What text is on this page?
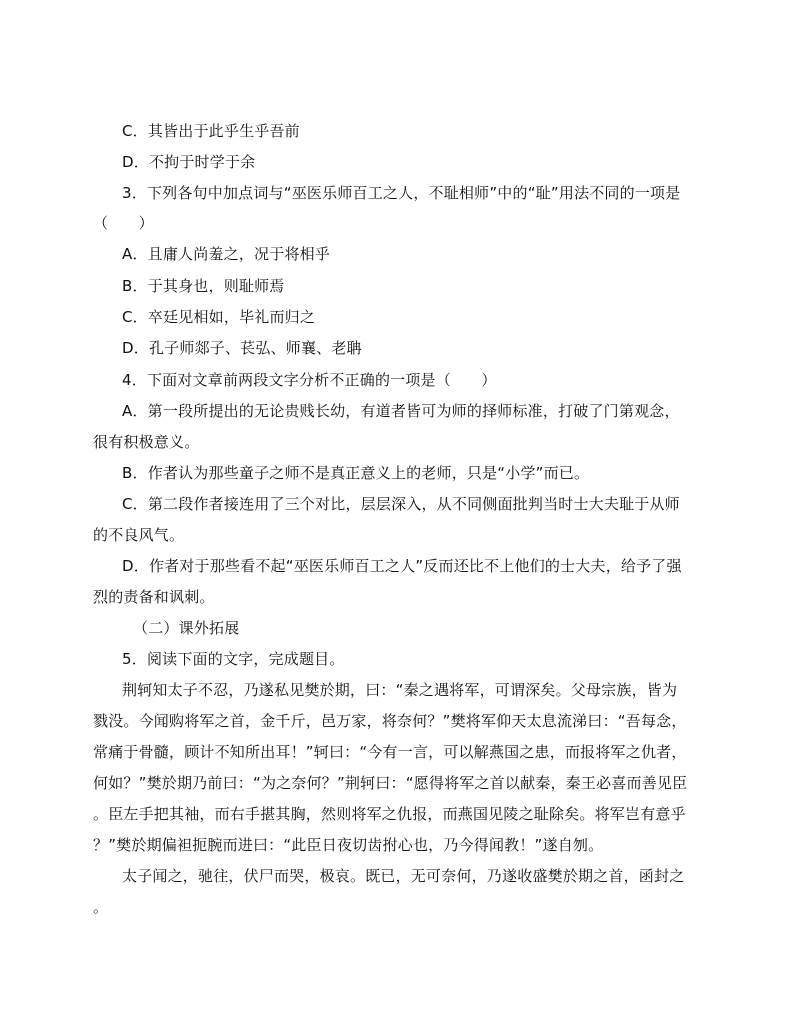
C．其皆出于此乎生乎吾前
D．不拘于时学于余
3．下列各句中加点词与“巫医乐师百工之人，不耻相师”中的“耻”用法不同的一项是
（　　）
A．且庸人尚羞之，况于将相乎
B．于其身也，则耻师焉
C．卒廷见相如，毕礼而归之
D．孔子师郯子、苌弘、师襄、老聃
4．下面对文章前两段文字分析不正确的一项是（　　）
A．第一段所提出的无论贵贱长幼，有道者皆可为师的择师标准，打破了门第观念，
很有积极意义。
B．作者认为那些童子之师不是真正意义上的老师，只是“小学”而已。
C．第二段作者接连用了三个对比，层层深入，从不同侧面批判当时士大夫耻于从师
的不良风气。
D．作者对于那些看不起“巫医乐师百工之人”反而还比不上他们的士大夫，给予了强
烈的责备和讽刺。
（二）课外拓展
5．阅读下面的文字，完成题目。
荆轲知太子不忍，乃遂私见樊於期，曰：“秦之遇将军，可谓深矣。父母宗族，皆为
戮没。今闻购将军之首，金千斤，邑万家，将奈何？”樊将军仰天太息流涕曰：“吾每念，
常痛于骨髓，顾计不知所出耳！”轲曰：“今有一言，可以解燕国之患，而报将军之仇者，
何如？”樊於期乃前曰：“为之奈何？”荆轲曰：“愿得将军之首以献秦，秦王必喜而善见臣
。臣左手把其袖，而右手揕其胸，然则将军之仇报，而燕国见陵之耻除矣。将军岂有意乎
？”樊於期偏袒扼腕而进曰：“此臣日夜切齿拊心也，乃今得闻教！”遂自刎。
太子闻之，驰往，伏尸而哭，极哀。既已，无可奈何，乃遂收盛樊於期之首，函封之
。
